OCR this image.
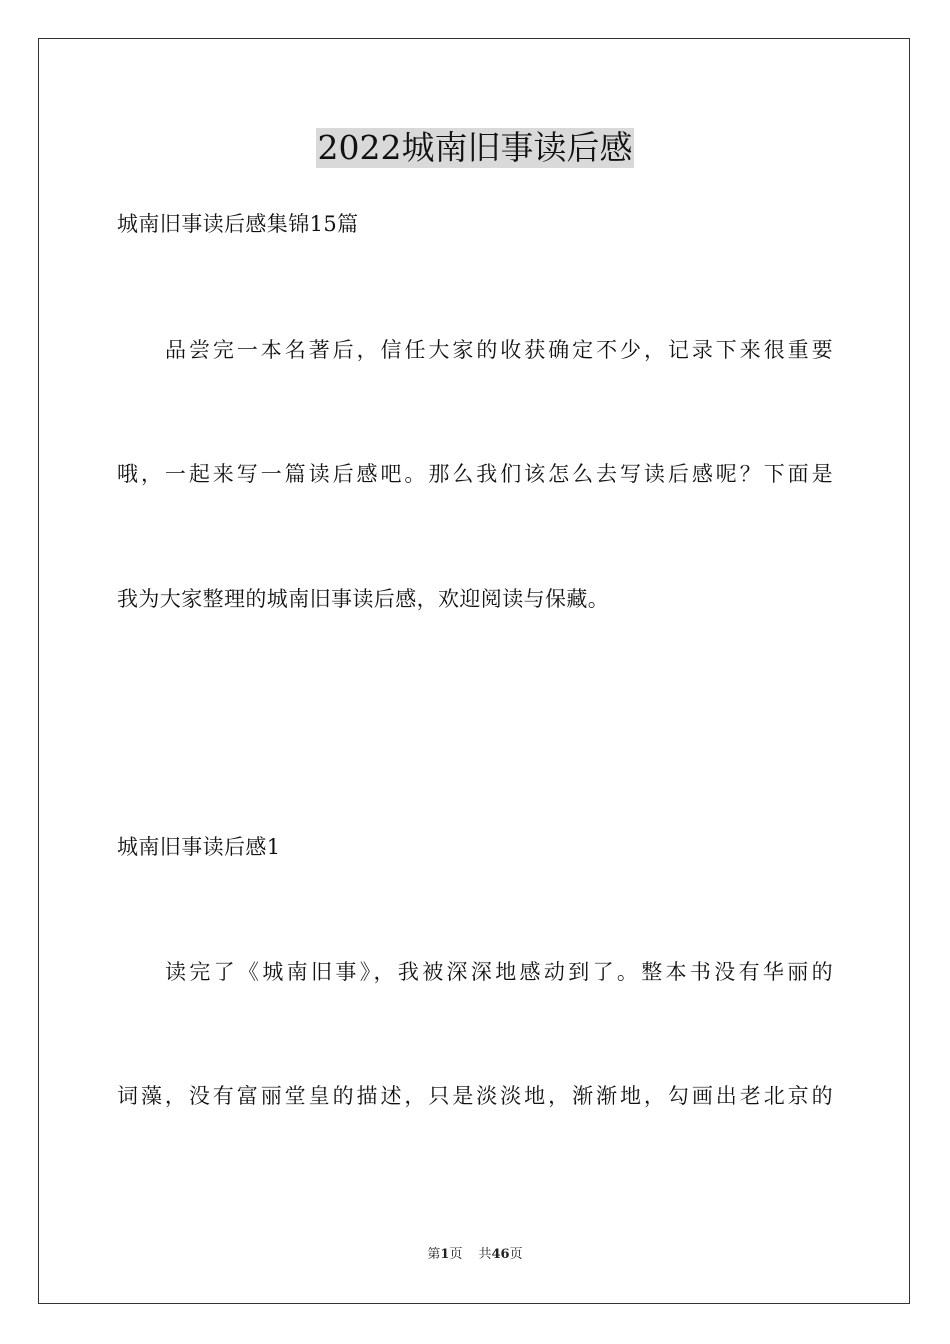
2022城南旧事读后感
城南旧事读后感集锦15篇
品尝完一本名著后，信任大家的收获确定不少，记录下来很重要
哦，一起来写一篇读后感吧。那么我们该怎么去写读后感呢？下面是
我为大家整理的城南旧事读后感，欢迎阅读与保藏。
城南旧事读后感1
读完了《城南旧事》，我被深深地感动到了。整本书没有华丽的
词藻，没有富丽堂皇的描述，只是淡淡地，渐渐地，勾画出老北京的
第1页 共46页
